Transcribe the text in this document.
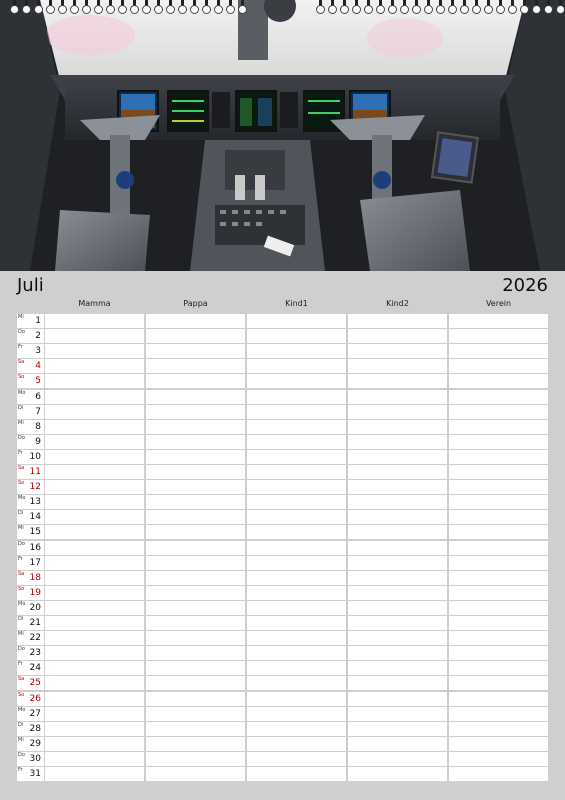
Juli	2026
Mamma	Pappa	Kind1	Kind2	Verein
Mi 1
Do 2
Fr 3
Sa 4
So 5
Mo 6
Di 7
Mi 8
Do 9
Fr 10
Sa 11
So 12
Mo 13
Di 14
Mi 15
Do 16
Fr 17
Sa 18
So 19
Mo 20
Di 21
Mi 22
Do 23
Fr 24
Sa 25
So 26
Mo 27
Di 28
Mi 29
Do 30
Fr 31
